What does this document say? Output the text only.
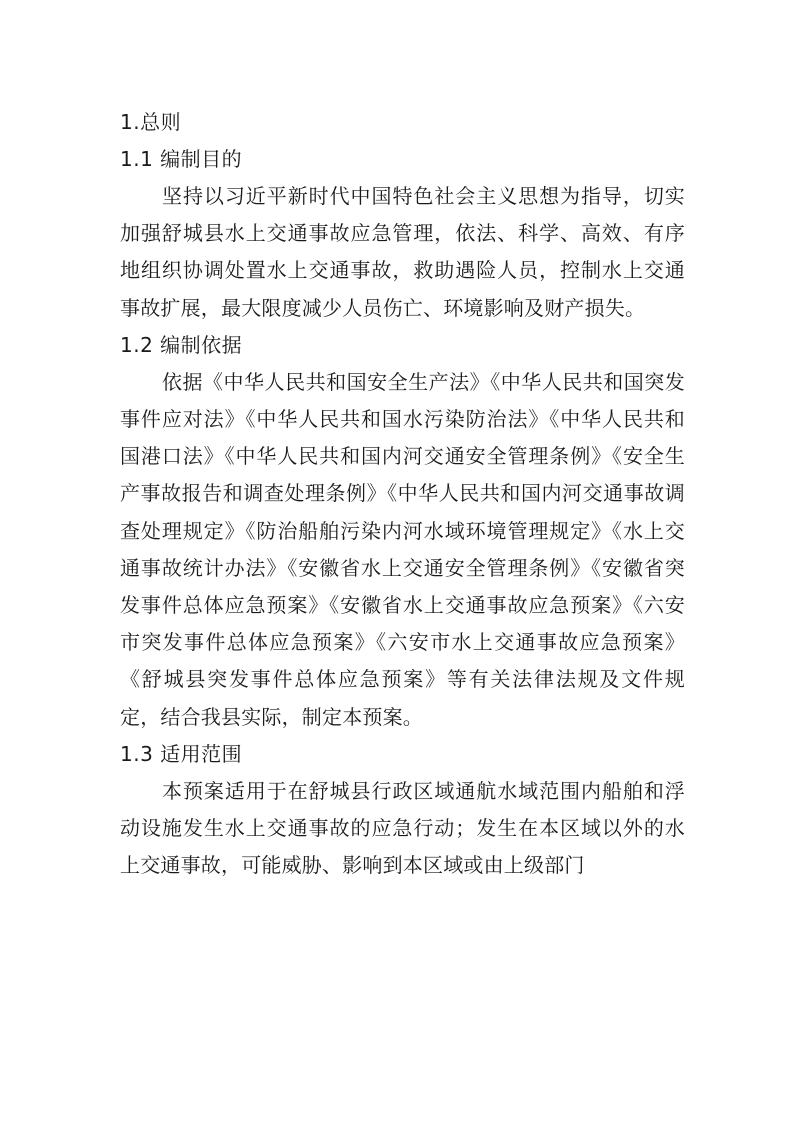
1.总则
1.1 编制目的

坚持以习近平新时代中国特色社会主义思想为指导，切实加强舒城县水上交通事故应急管理，依法、科学、高效、有序地组织协调处置水上交通事故，救助遇险人员，控制水上交通事故扩展，最大限度减少人员伤亡、环境影响及财产损失。

1.2 编制依据

依据《中华人民共和国安全生产法》《中华人民共和国突发事件应对法》《中华人民共和国水污染防治法》《中华人民共和国港口法》《中华人民共和国内河交通安全管理条例》《安全生产事故报告和调查处理条例》《中华人民共和国内河交通事故调查处理规定》《防治船舶污染内河水域环境管理规定》《水上交通事故统计办法》《安徽省水上交通安全管理条例》《安徽省突发事件总体应急预案》《安徽省水上交通事故应急预案》《六安市突发事件总体应急预案》《六安市水上交通事故应急预案》《舒城县突发事件总体应急预案》等有关法律法规及文件规定，结合我县实际，制定本预案。

1.3 适用范围

本预案适用于在舒城县行政区域通航水域范围内船舶和浮动设施发生水上交通事故的应急行动；发生在本区域以外的水上交通事故，可能威胁、影响到本区域或由上级部门
